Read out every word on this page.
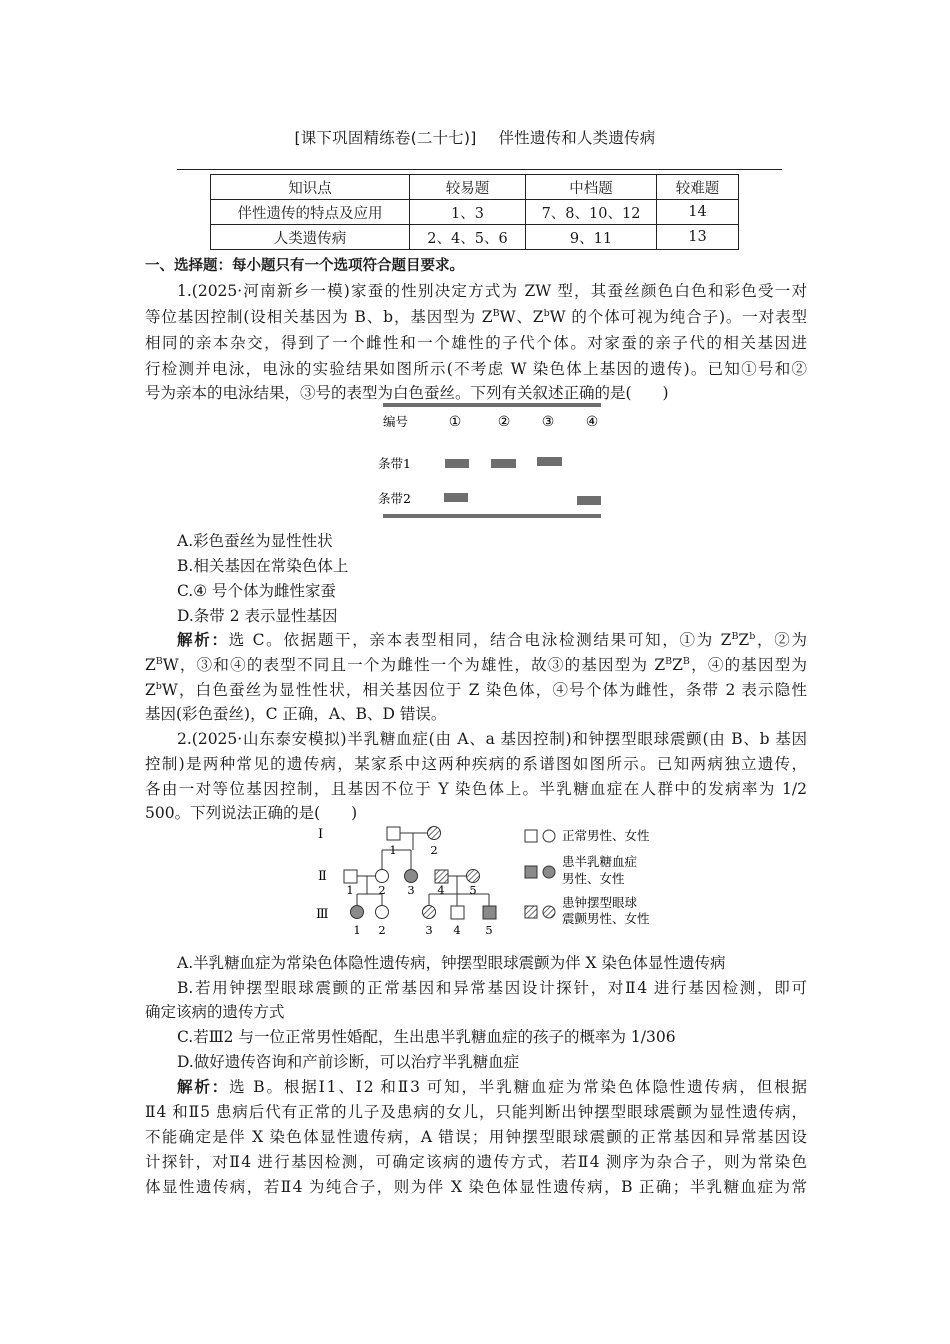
[课下巩固精练卷(二十七)] 伴性遗传和人类遗传病
知识点	较易题	中档题	较难题
伴性遗传的特点及应用	1、3	7、8、10、12	14
人类遗传病	2、4、5、6	9、11	13
一、选择题：每小题只有一个选项符合题目要求。
1.(2025·河南新乡一模)家蚕的性别决定方式为 ZW 型，其蚕丝颜色白色和彩色受一对
等位基因控制(设相关基因为 B、b，基因型为 $Z^BW$、$Z^bW$ 的个体可视为纯合子)。一对表型
相同的亲本杂交，得到了一个雌性和一个雄性的子代个体。对家蚕的亲子代的相关基因进
行检测并电泳，电泳的实验结果如图所示(不考虑 W 染色体上基因的遗传)。已知①号和②
号为亲本的电泳结果，③号的表型为白色蚕丝。下列有关叙述正确的是(　　)
编号	①	② ③ ④
条带1
条带2
A.彩色蚕丝为显性性状
B.相关基因在常染色体上
C.④ 号个体为雌性家蚕
D.条带 2 表示显性基因
解析：选 C。依据题干，亲本表型相同，结合电泳检测结果可知，①为 $Z^BZ^b$，②为
$Z^BW$，③和④的表型不同且一个为雌性一个为雄性，故③的基因型为 $Z^BZ^B$，④的基因型为
$Z^bW$，白色蚕丝为显性性状，相关基因位于 Z 染色体，④号个体为雌性，条带 2 表示隐性
基因(彩色蚕丝)，C 正确，A、B、D 错误。
2.(2025·山东泰安模拟)半乳糖血症(由 A、a 基因控制)和钟摆型眼球震颤(由 B、b 基因
控制)是两种常见的遗传病，某家系中这两种疾病的系谱图如图所示。已知两病独立遗传，
各由一对等位基因控制，且基因不位于 Y 染色体上。半乳糖血症在人群中的发病率为 1/2
500。下列说法正确的是(　　)
Ⅰ
Ⅱ
Ⅲ
1	2
1 2 3 4 5
1 2	3 4 5
正常男性、女性
患半乳糖血症
男性、女性
患钟摆型眼球
震颤男性、女性
A.半乳糖血症为常染色体隐性遗传病，钟摆型眼球震颤为伴 X 染色体显性遗传病
B.若用钟摆型眼球震颤的正常基因和异常基因设计探针，对Ⅱ4 进行基因检测，即可
确定该病的遗传方式
C.若Ⅲ2 与一位正常男性婚配，生出患半乳糖血症的孩子的概率为 1/306
D.做好遗传咨询和产前诊断，可以治疗半乳糖血症
解析：选 B。根据Ⅰ1、Ⅰ2 和Ⅱ3 可知，半乳糖血症为常染色体隐性遗传病，但根据
Ⅱ4 和Ⅱ5 患病后代有正常的儿子及患病的女儿，只能判断出钟摆型眼球震颤为显性遗传病，
不能确定是伴 X 染色体显性遗传病，A 错误；用钟摆型眼球震颤的正常基因和异常基因设
计探针，对Ⅱ4 进行基因检测，可确定该病的遗传方式，若Ⅱ4 测序为杂合子，则为常染色
体显性遗传病，若Ⅱ4 为纯合子，则为伴 X 染色体显性遗传病，B 正确；半乳糖血症为常
